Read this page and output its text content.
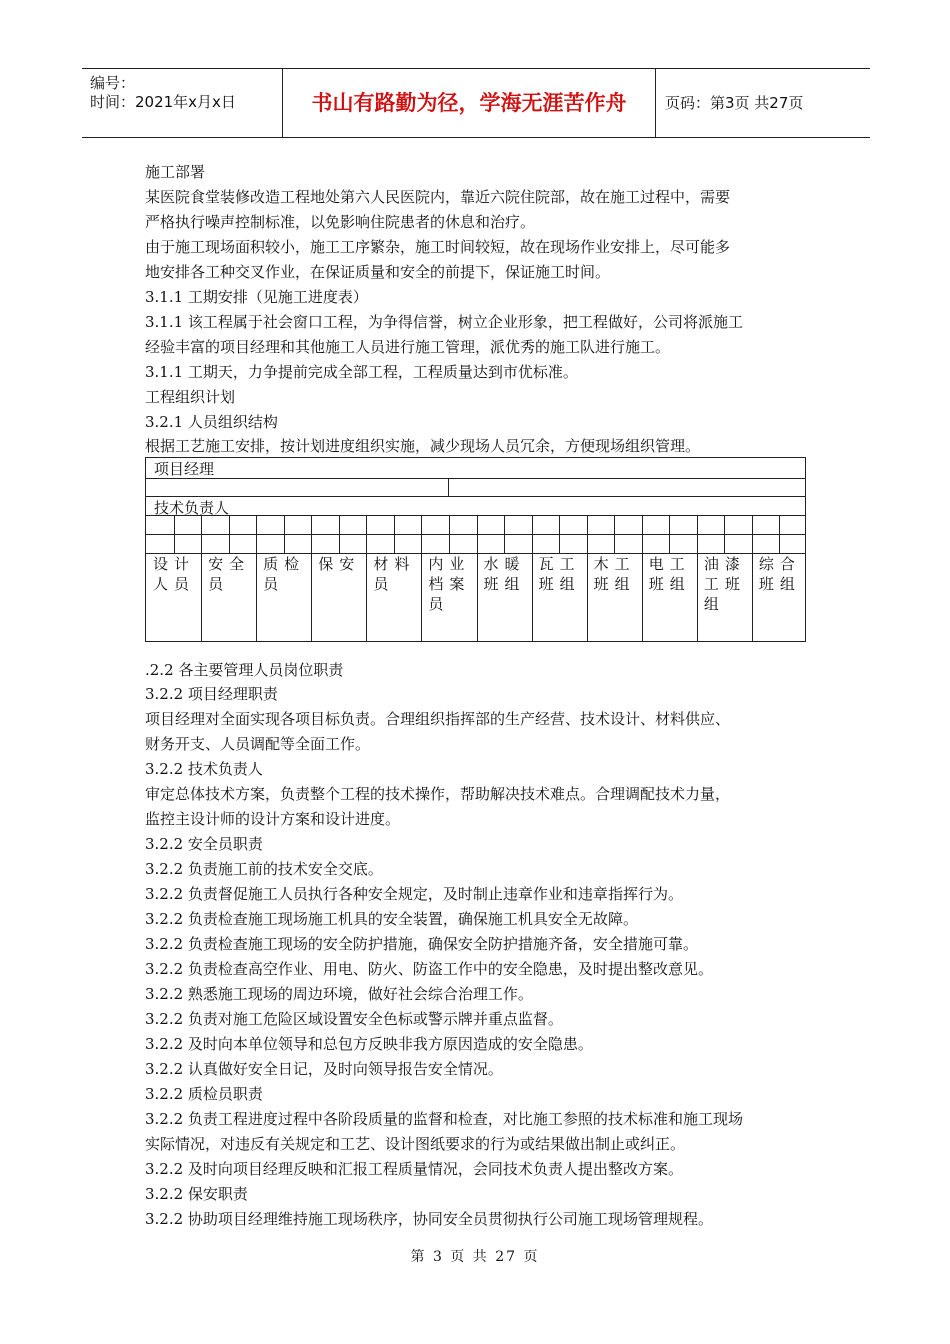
编号：
时间：2021年x月x日	书山有路勤为径，学海无涯苦作舟	页码：第3页 共27页

施工部署

某医院食堂装修改造工程地处第六人民医院内，靠近六院住院部，故在施工过程中，需要

严格执行噪声控制标准，以免影响住院患者的休息和治疗。

由于施工现场面积较小，施工工序繁杂，施工时间较短，故在现场作业安排上，尽可能多

地安排各工种交叉作业，在保证质量和安全的前提下，保证施工时间。

3.1.1 工期安排（见施工进度表）

3.1.1 该工程属于社会窗口工程，为争得信誉，树立企业形象，把工程做好，公司将派施工

经验丰富的项目经理和其他施工人员进行施工管理，派优秀的施工队进行施工。

3.1.1 工期天，力争提前完成全部工程，工程质量达到市优标准。

工程组织计划

3.2.1 人员组织结构

根据工艺施工安排，按计划进度组织实施，减少现场人员冗余，方便现场组织管理。

项目经理
技术负责人
设计人员
安全员
质检员
保安 材料员
内业档案员
水暖班组
瓦工班组
木工班组
电工班组
油漆工班组
综合班组

.2.2 各主要管理人员岗位职责

3.2.2 项目经理职责

项目经理对全面实现各项目标负责。合理组织指挥部的生产经营、技术设计、材料供应、

财务开支、人员调配等全面工作。

3.2.2 技术负责人

审定总体技术方案，负责整个工程的技术操作，帮助解决技术难点。合理调配技术力量，

监控主设计师的设计方案和设计进度。

3.2.2 安全员职责

3.2.2 负责施工前的技术安全交底。

3.2.2 负责督促施工人员执行各种安全规定，及时制止违章作业和违章指挥行为。

3.2.2 负责检查施工现场施工机具的安全装置，确保施工机具安全无故障。

3.2.2 负责检查施工现场的安全防护措施，确保安全防护措施齐备，安全措施可靠。

3.2.2 负责检查高空作业、用电、防火、防盗工作中的安全隐患，及时提出整改意见。

3.2.2 熟悉施工现场的周边环境，做好社会综合治理工作。

3.2.2 负责对施工危险区域设置安全色标或警示牌并重点监督。

3.2.2 及时向本单位领导和总包方反映非我方原因造成的安全隐患。

3.2.2 认真做好安全日记，及时向领导报告安全情况。

3.2.2 质检员职责

3.2.2 负责工程进度过程中各阶段质量的监督和检查，对比施工参照的技术标准和施工现场

实际情况，对违反有关规定和工艺、设计图纸要求的行为或结果做出制止或纠正。

3.2.2 及时向项目经理反映和汇报工程质量情况，会同技术负责人提出整改方案。

3.2.2 保安职责

3.2.2 协助项目经理维持施工现场秩序，协同安全员贯彻执行公司施工现场管理规程。

第 3 页 共 27 页
